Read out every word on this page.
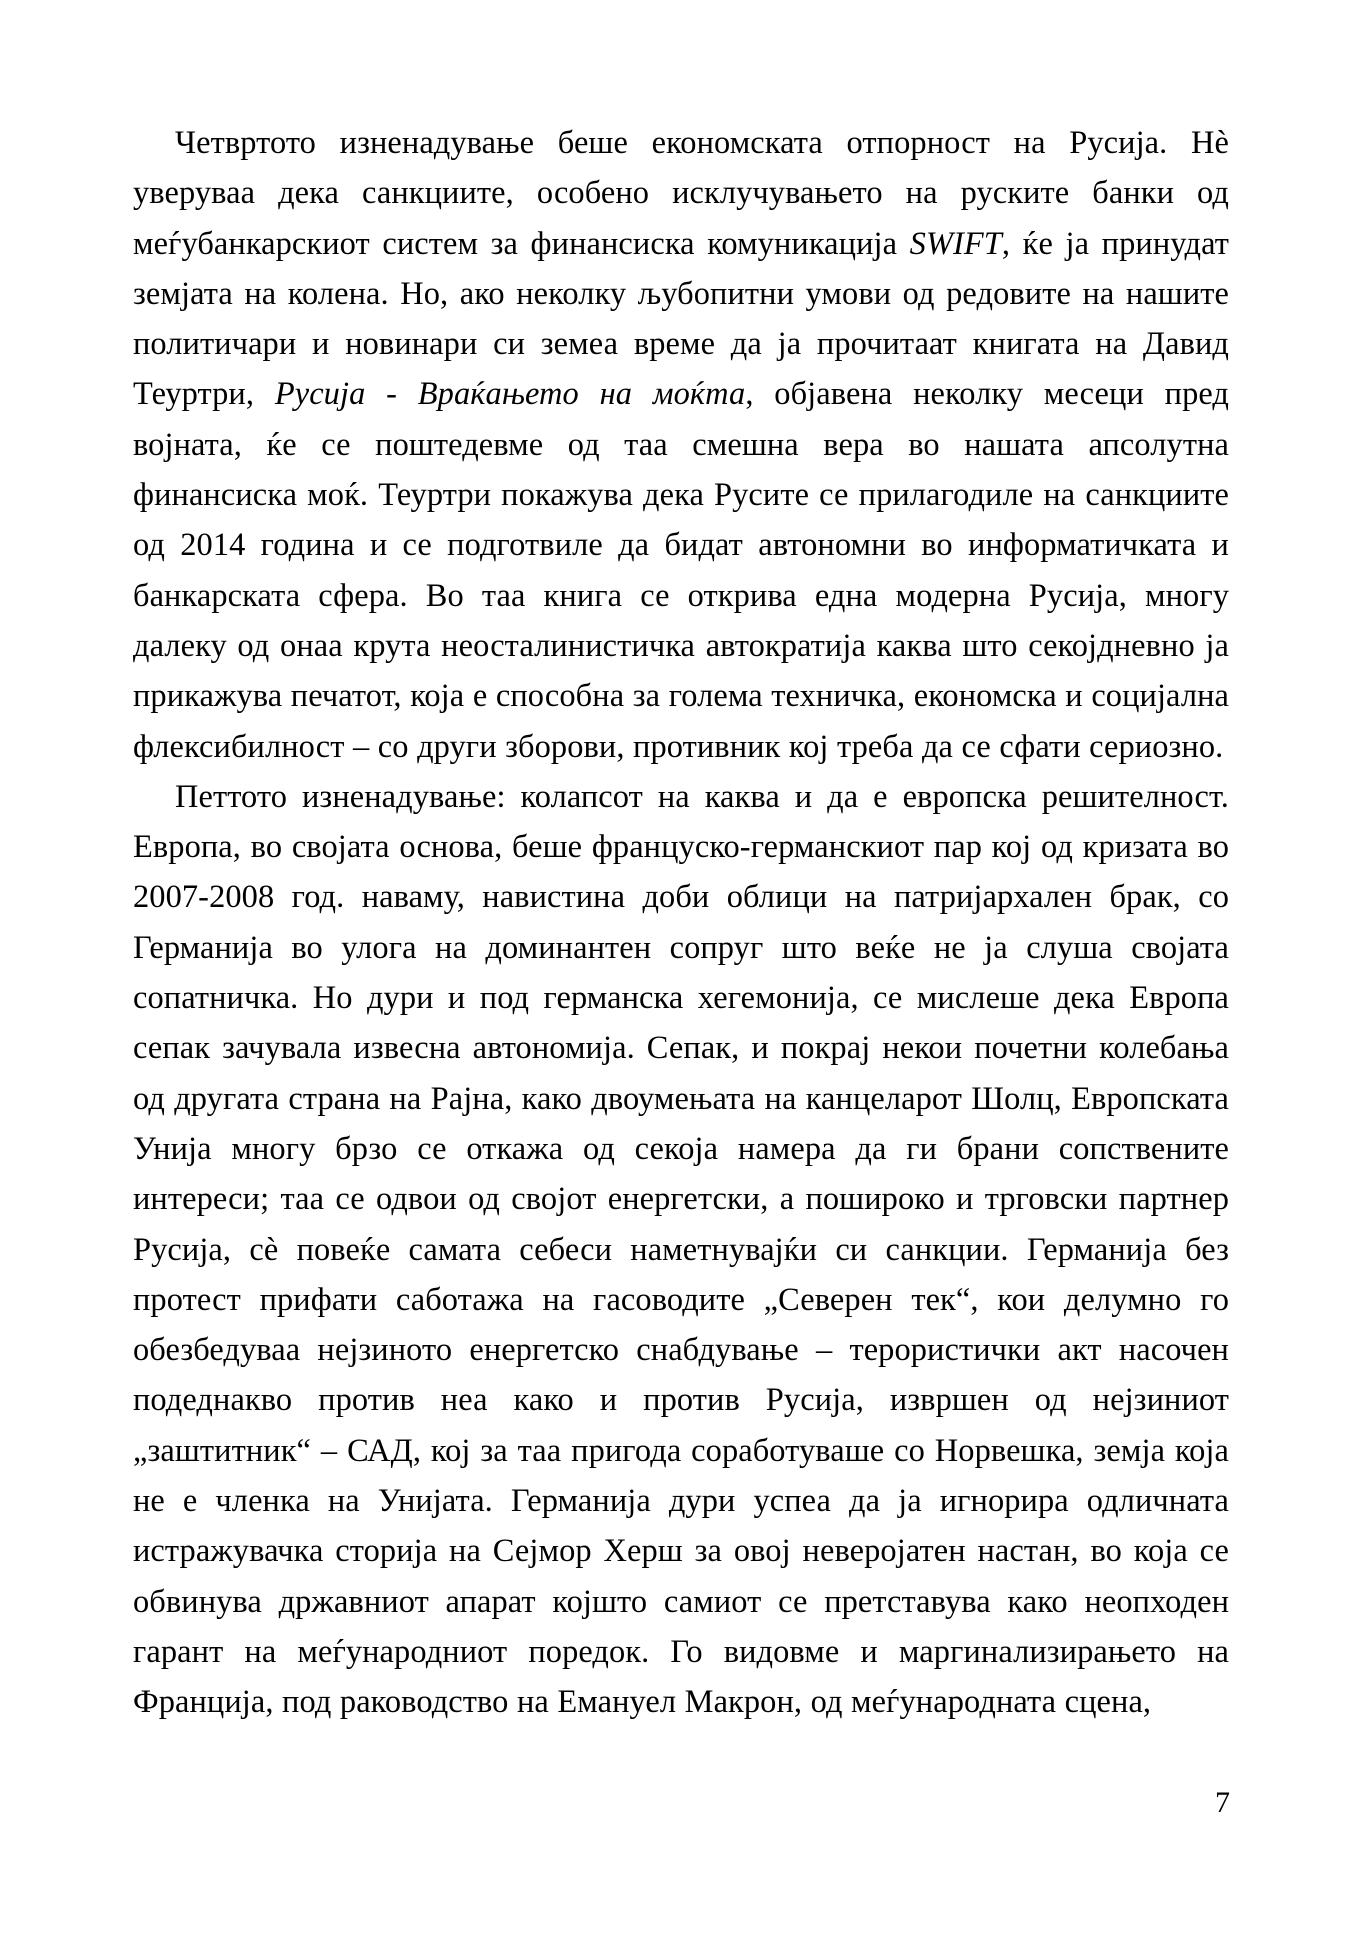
Четвртото изненадување беше економската отпорност на Русија. Нè уверуваа дека санкциите, особено исклучувањето на руските банки од меѓубанкарскиот систем за финансиска комуникација SWIFT, ќе ја принудат земјата на колена. Но, ако неколку љубопитни умови од редовите на нашите политичари и новинари си земеа време да ја прочитаат книгата на Давид Теуртри, Русија - Враќањето на моќта, објавена неколку месеци пред војната, ќе се поштедевме од таа смешна вера во нашата апсолутна финансиска моќ. Теуртри покажува дека Русите се прилагодиле на санкциите од 2014 година и се подготвиле да бидат автономни во информатичката и банкарската сфера. Во таа книга се открива една модерна Русија, многу далеку од онаа крута неосталинистичка автократија каква што секојдневно ја прикажува печатот, која е способна за голема техничка, економска и социјална флексибилност – со други зборови, противник кој треба да се сфати сериозно.

Петтото изненадување: колапсот на каква и да е европска решителност. Европа, во својата основа, беше француско-германскиот пар кој од кризата во 2007-2008 год. наваму, навистина доби облици на патријархален брак, со Германија во улога на доминантен сопруг што веќе не ја слуша својата сопатничка. Но дури и под германска хегемонија, се мислеше дека Европа сепак зачувала извесна автономија. Сепак, и покрај некои почетни колебања од другата страна на Рајна, како двоумењата на канцеларот Шолц, Европската Унија многу брзо се откажа од секоја намера да ги брани сопствените интереси; таа се одвои од својот енергетски, а пошироко и трговски партнер Русија, сè повеќе самата себеси наметнувајќи си санкции. Германија без протест прифати саботажа на гасоводите „Северен тек“, кои делумно го обезбедуваа нејзиното енергетско снабдување – терористички акт насочен подеднакво против неа како и против Русија, извршен од нејзиниот „заштитник“ – САД, кој за таа пригода соработуваше со Норвешка, земја која не е членка на Унијата. Германија дури успеа да ја игнорира одличната истражувачка сторија на Сејмор Херш за овој неверојатен настан, во која се обвинува државниот апарат којшто самиот се претставува како неопходен гарант на меѓународниот поредок. Го видовме и маргинализирањето на Франција, под раководство на Емануел Макрон, од меѓународната сцена,

7
